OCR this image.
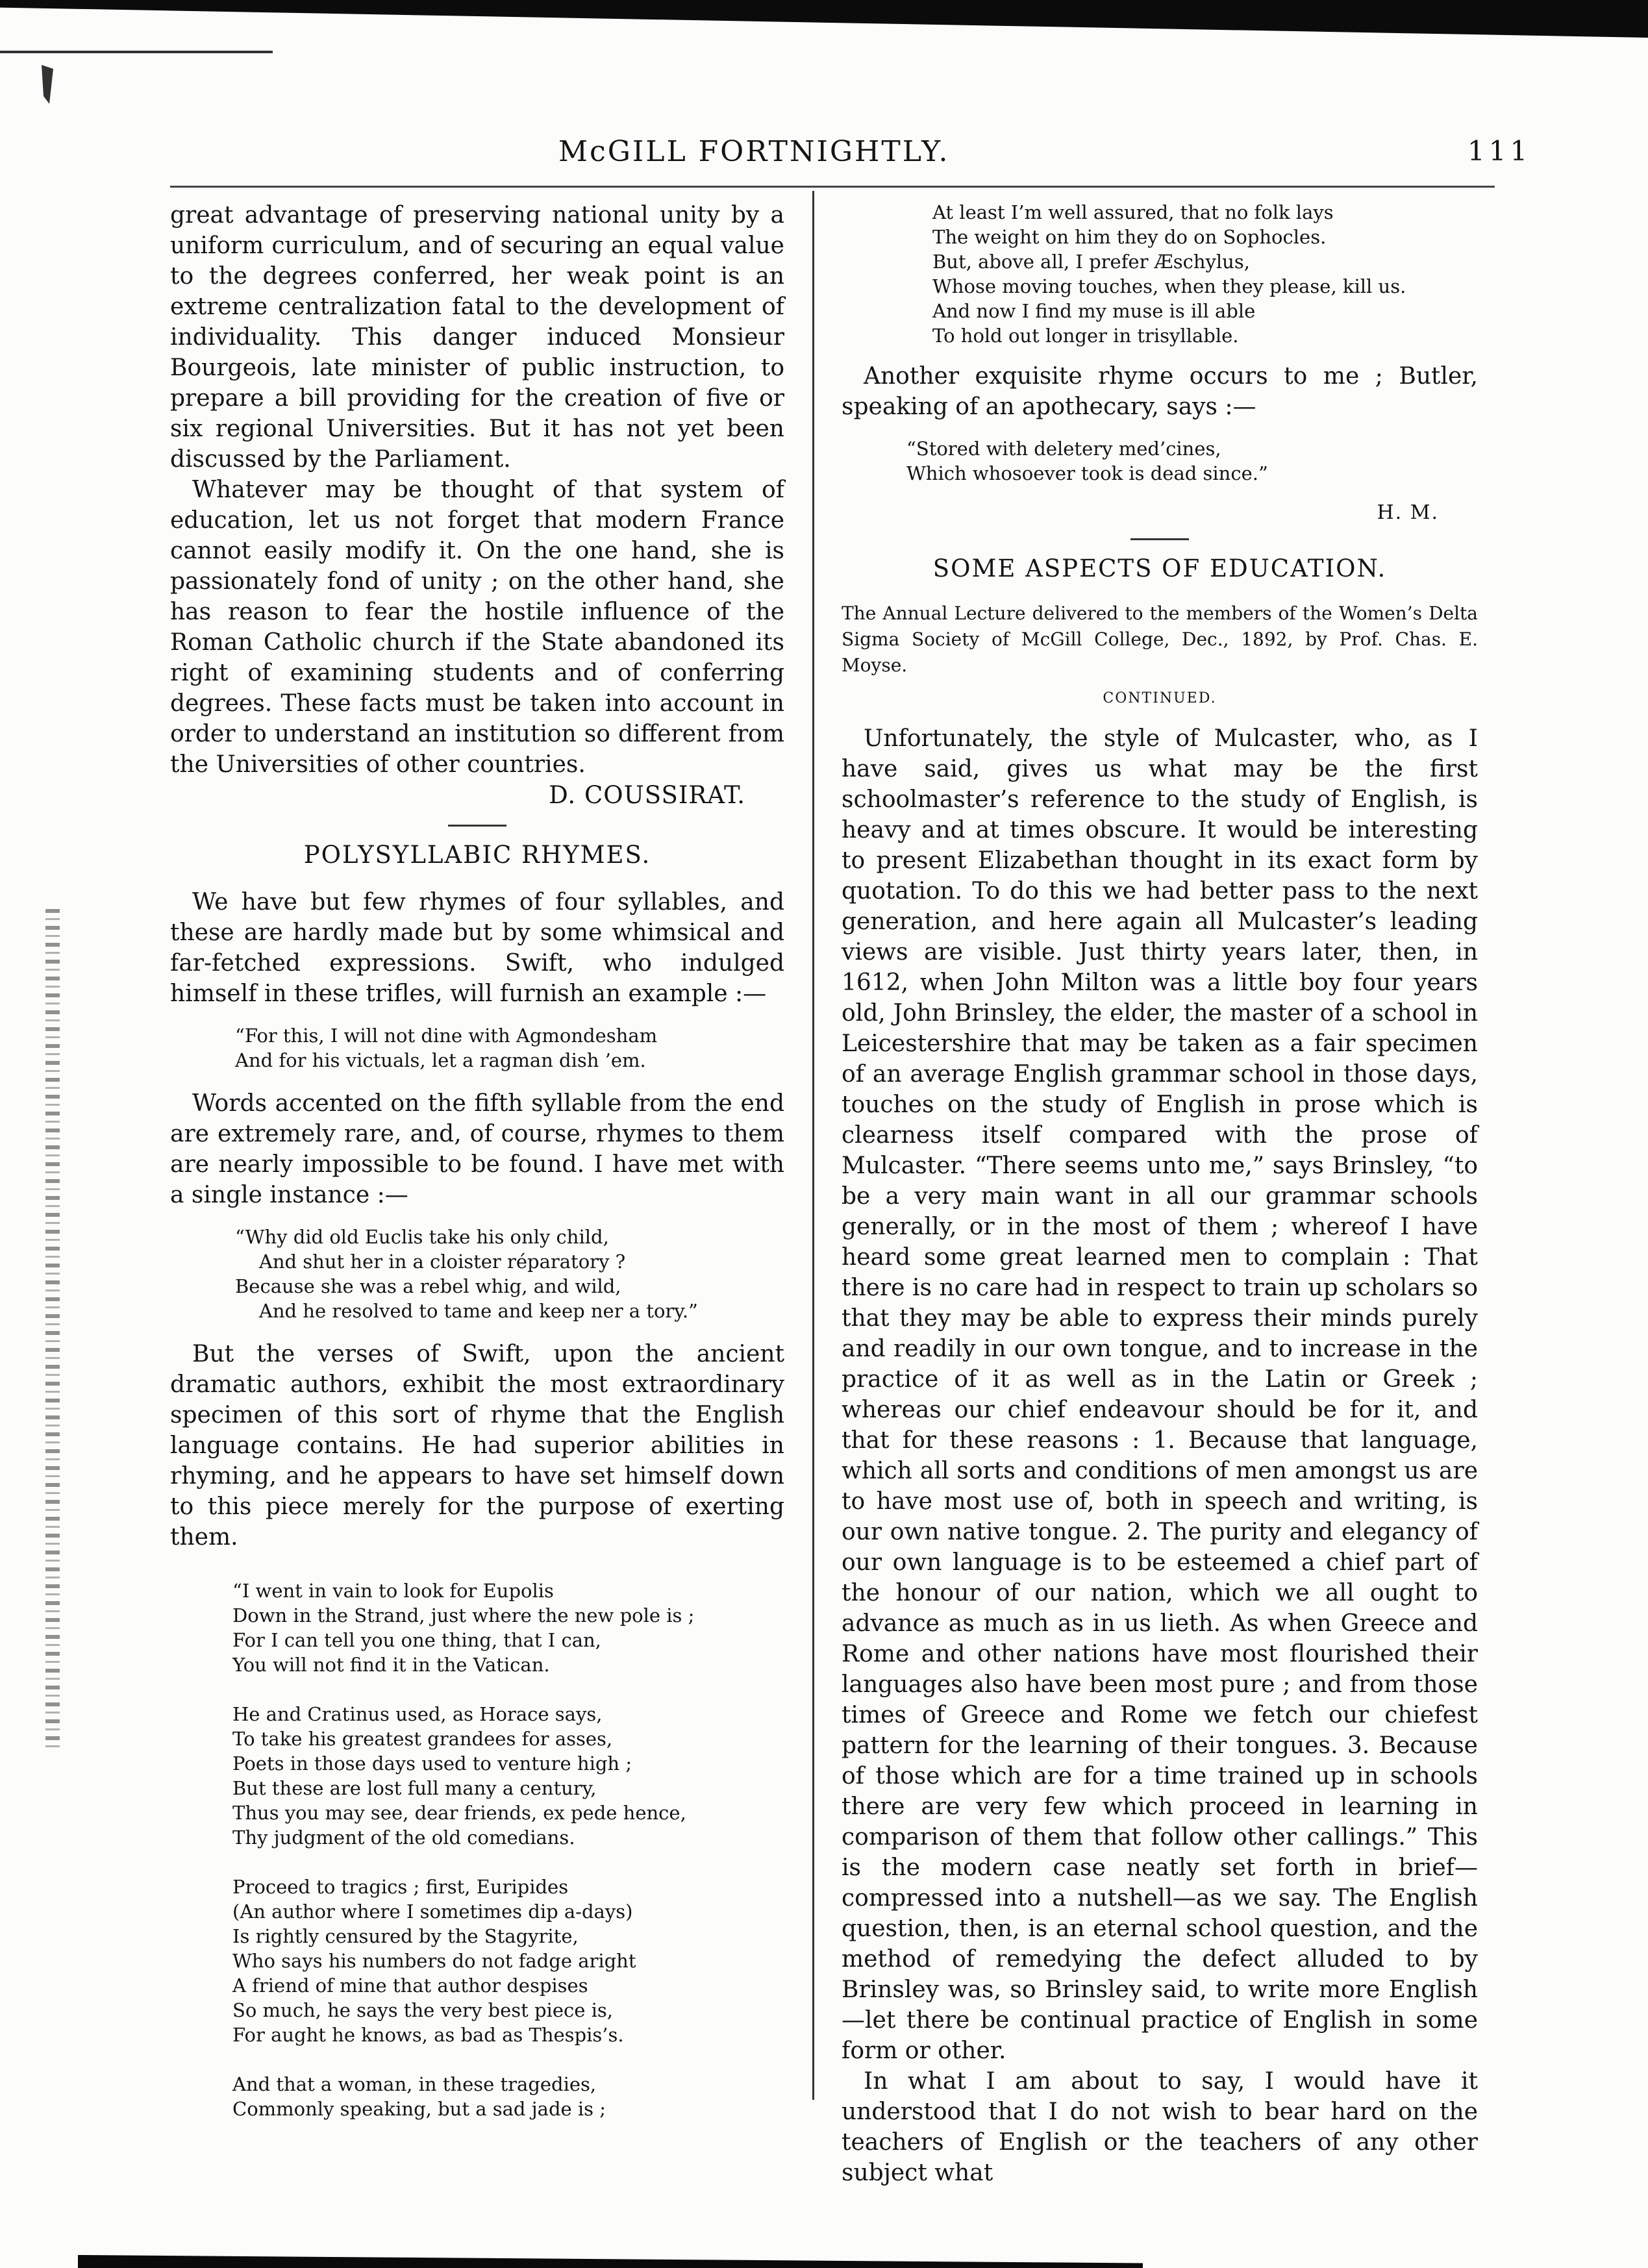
McGILL FORTNIGHTLY.	111

great advantage of preserving national unity by a uniform curriculum, and of securing an equal value to the degrees conferred, her weak point is an extreme centralization fatal to the development of individuality. This danger induced Monsieur Bourgeois, late minister of public instruction, to prepare a bill providing for the creation of five or six regional Universities. But it has not yet been discussed by the Parliament.

Whatever may be thought of that system of education, let us not forget that modern France cannot easily modify it. On the one hand, she is passionately fond of unity ; on the other hand, she has reason to fear the hostile influence of the Roman Catholic church if the State abandoned its right of examining students and of conferring degrees. These facts must be taken into account in order to understand an institution so different from the Universities of other countries.

D. COUSSIRAT.

POLYSYLLABIC RHYMES.

We have but few rhymes of four syllables, and these are hardly made but by some whimsical and far-fetched expressions. Swift, who indulged himself in these trifles, will furnish an example :—

“For this, I will not dine with Agmondesham
And for his victuals, let a ragman dish ’em.

Words accented on the fifth syllable from the end are extremely rare, and, of course, rhymes to them are nearly impossible to be found. I have met with a single instance :—

“Why did old Euclis take his only child,
And shut her in a cloister réparatory ?
Because she was a rebel whig, and wild,
And he resolved to tame and keep ner a tory.”

But the verses of Swift, upon the ancient dramatic authors, exhibit the most extraordinary specimen of this sort of rhyme that the English language contains. He had superior abilities in rhyming, and he appears to have set himself down to this piece merely for the purpose of exerting them.

“I went in vain to look for Eupolis
Down in the Strand, just where the new pole is ;
For I can tell you one thing, that I can,
You will not find it in the Vatican.
He and Cratinus used, as Horace says,
To take his greatest grandees for asses,
Poets in those days used to venture high ;
But these are lost full many a century,
Thus you may see, dear friends, ex pede hence,
Thy judgment of the old comedians.
Proceed to tragics ; first, Euripides
(An author where I sometimes dip a-days)
Is rightly censured by the Stagyrite,
Who says his numbers do not fadge aright
A friend of mine that author despises
So much, he says the very best piece is,
For aught he knows, as bad as Thespis’s.
And that a woman, in these tragedies,
Commonly speaking, but a sad jade is ;
At least I’m well assured, that no folk lays
The weight on him they do on Sophocles.
But, above all, I prefer Æschylus,
Whose moving touches, when they please, kill us.
And now I find my muse is ill able
To hold out longer in trisyllable.

Another exquisite rhyme occurs to me ; Butler, speaking of an apothecary, says :—

“Stored with deletery med’cines,
Which whosoever took is dead since.”
H. M.
SOME ASPECTS OF EDUCATION.

The Annual Lecture delivered to the members of the Women’s Delta Sigma Society of McGill College, Dec., 1892, by Prof. Chas. E. Moyse.

CONTINUED.

Unfortunately, the style of Mulcaster, who, as I have said, gives us what may be the first schoolmaster’s reference to the study of English, is heavy and at times obscure. It would be interesting to present Elizabethan thought in its exact form by quotation. To do this we had better pass to the next generation, and here again all Mulcaster’s leading views are visible. Just thirty years later, then, in 1612, when John Milton was a little boy four years old, John Brinsley, the elder, the master of a school in Leicestershire that may be taken as a fair specimen of an average English grammar school in those days, touches on the study of English in prose which is clearness itself compared with the prose of Mulcaster. “There seems unto me,” says Brinsley, “to be a very main want in all our grammar schools generally, or in the most of them ; whereof I have heard some great learned men to complain : That there is no care had in respect to train up scholars so that they may be able to express their minds purely and readily in our own tongue, and to increase in the practice of it as well as in the Latin or Greek ; whereas our chief endeavour should be for it, and that for these reasons : 1. Because that language, which all sorts and conditions of men amongst us are to have most use of, both in speech and writing, is our own native tongue. 2. The purity and elegancy of our own language is to be esteemed a chief part of the honour of our nation, which we all ought to advance as much as in us lieth. As when Greece and Rome and other nations have most flourished their languages also have been most pure ; and from those times of Greece and Rome we fetch our chiefest pattern for the learning of their tongues. 3. Because of those which are for a time trained up in schools there are very few which proceed in learning in comparison of them that follow other callings.” This is the modern case neatly set forth in brief—compressed into a nutshell—as we say. The English question, then, is an eternal school question, and the method of remedying the defect alluded to by Brinsley was, so Brinsley said, to write more English—let there be continual practice of English in some form or other.

In what I am about to say, I would have it understood that I do not wish to bear hard on the teachers of English or the teachers of any other subject what
